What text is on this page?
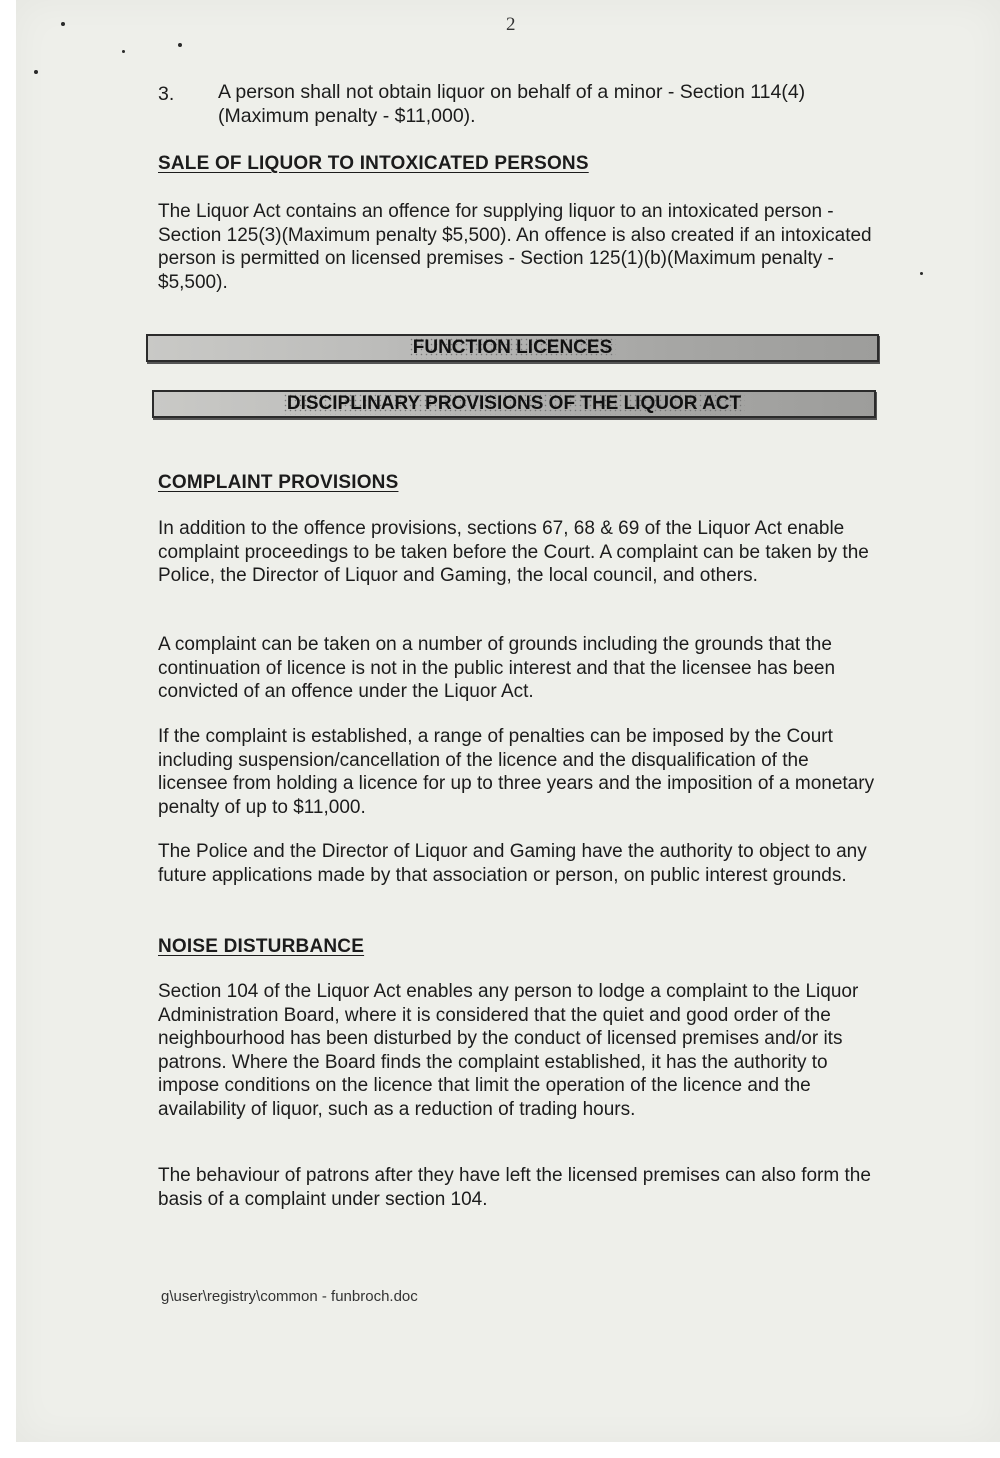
2
3. A person shall not obtain liquor on behalf of a minor - Section 114(4)(Maximum penalty - $11,000).
SALE OF LIQUOR TO INTOXICATED PERSONS

The Liquor Act contains an offence for supplying liquor to an intoxicated person - Section 125(3)(Maximum penalty $5,500). An offence is also created if an intoxicated person is permitted on licensed premises - Section 125(1)(b)(Maximum penalty - $5,500).

FUNCTION LICENCES
DISCIPLINARY PROVISIONS OF THE LIQUOR ACT
COMPLAINT PROVISIONS

In addition to the offence provisions, sections 67, 68 & 69 of the Liquor Act enable complaint proceedings to be taken before the Court. A complaint can be taken by the Police, the Director of Liquor and Gaming, the local council, and others.

A complaint can be taken on a number of grounds including the grounds that the continuation of licence is not in the public interest and that the licensee has been convicted of an offence under the Liquor Act.

If the complaint is established, a range of penalties can be imposed by the Court including suspension/cancellation of the licence and the disqualification of the licensee from holding a licence for up to three years and the imposition of a monetary penalty of up to $11,000.

The Police and the Director of Liquor and Gaming have the authority to object to any future applications made by that association or person, on public interest grounds.

NOISE DISTURBANCE

Section 104 of the Liquor Act enables any person to lodge a complaint to the Liquor Administration Board, where it is considered that the quiet and good order of the neighbourhood has been disturbed by the conduct of licensed premises and/or its patrons. Where the Board finds the complaint established, it has the authority to impose conditions on the licence that limit the operation of the licence and the availability of liquor, such as a reduction of trading hours.

The behaviour of patrons after they have left the licensed premises can also form the basis of a complaint under section 104.

g\user\registry\common - funbroch.doc
